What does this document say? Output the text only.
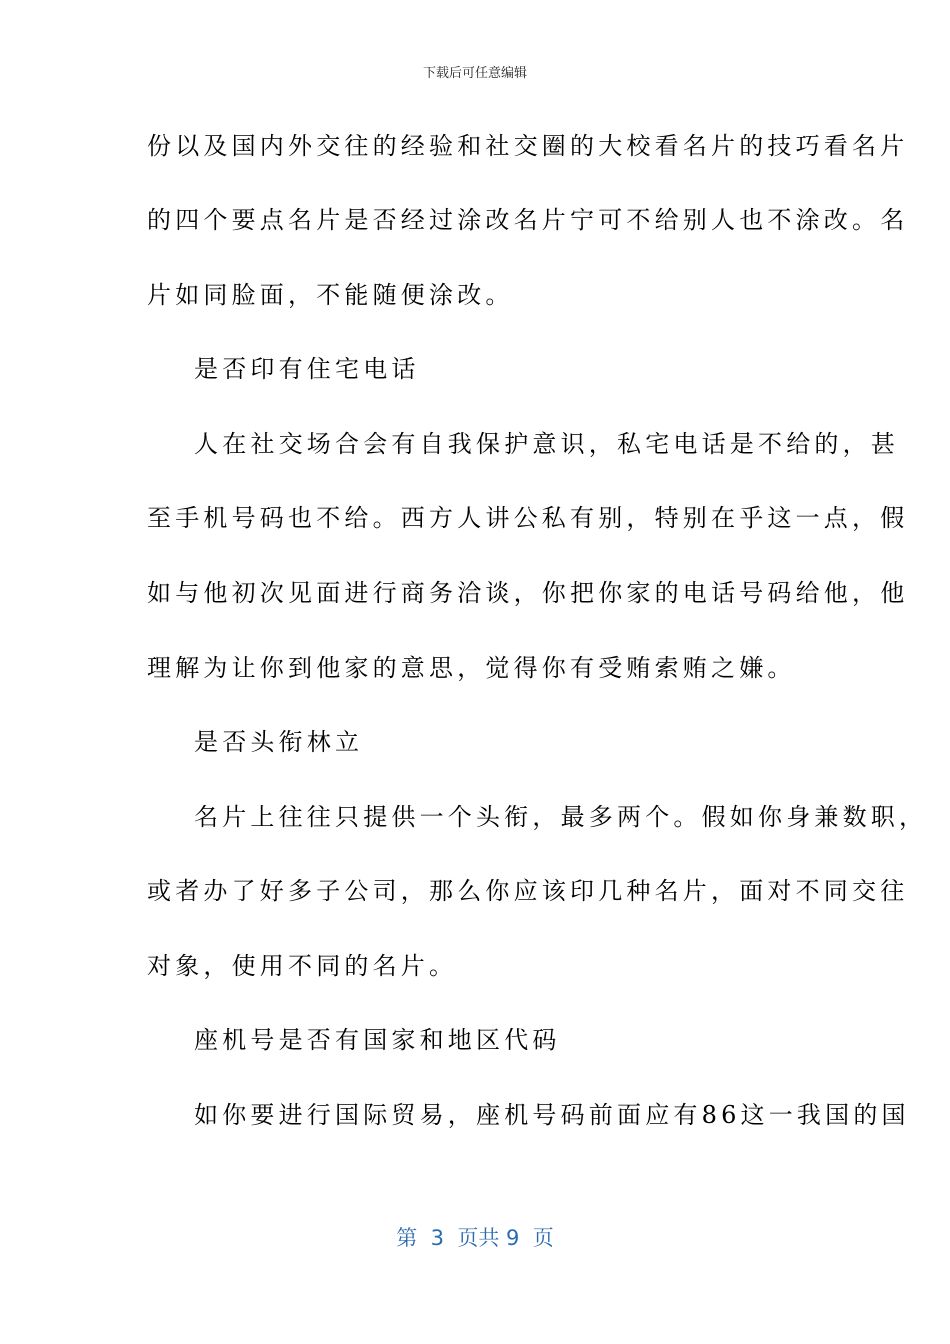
下载后可任意编辑
份以及国内外交往的经验和社交圈的大校看名片的技巧看名片
的四个要点名片是否经过涂改名片宁可不给别人也不涂改。名
片如同脸面，不能随便涂改。
是否印有住宅电话
人在社交场合会有自我保护意识，私宅电话是不给的，甚
至手机号码也不给。西方人讲公私有别，特别在乎这一点，假
如与他初次见面进行商务洽谈，你把你家的电话号码给他，他
理解为让你到他家的意思，觉得你有受贿索贿之嫌。
是否头衔林立
名片上往往只提供一个头衔，最多两个。假如你身兼数职，
或者办了好多子公司，那么你应该印几种名片，面对不同交往
对象，使用不同的名片。
座机号是否有国家和地区代码
如你要进行国际贸易，座机号码前面应有86这一我国的国
第  3  页共 9  页
